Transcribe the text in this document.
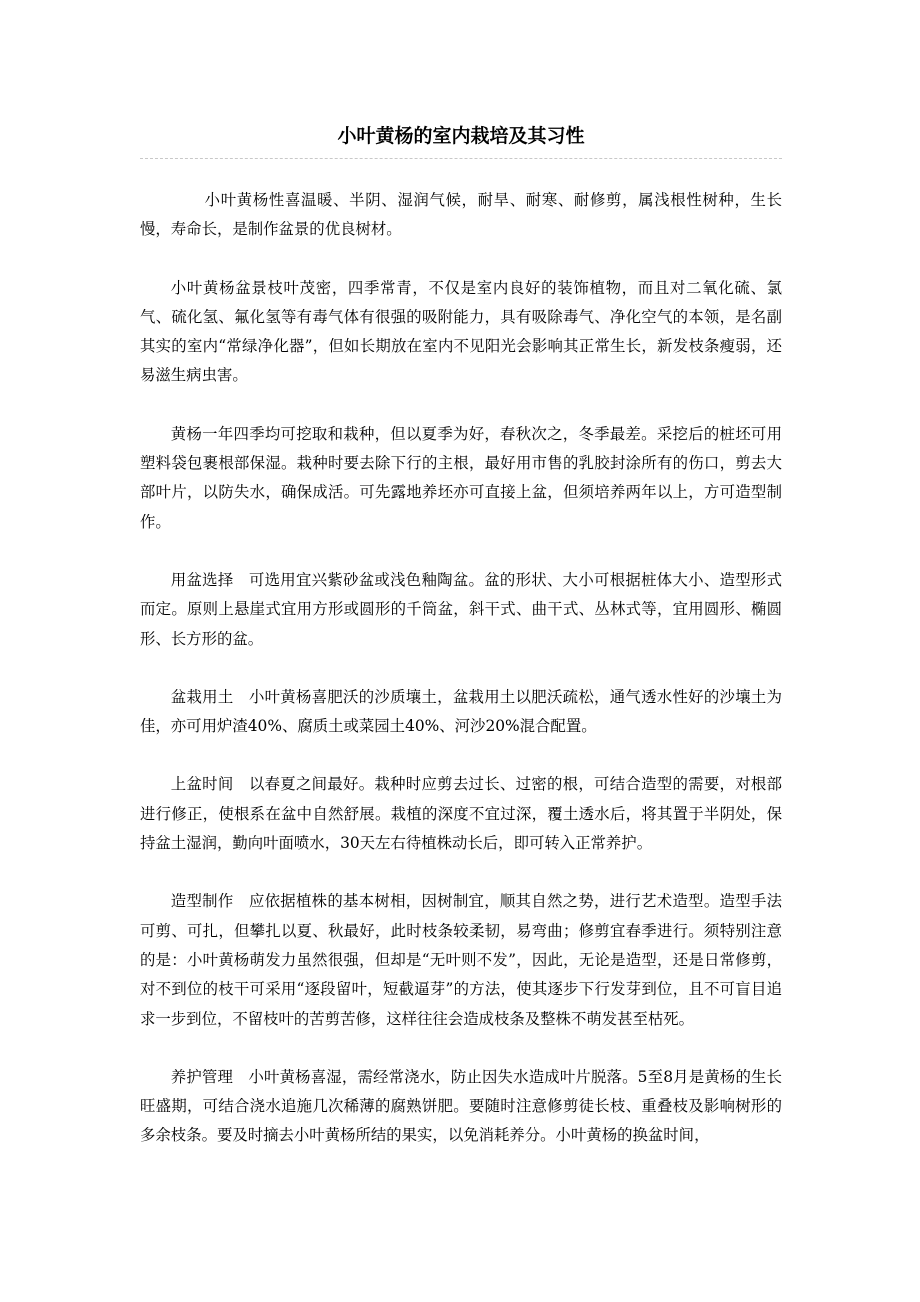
小叶黄杨的室内栽培及其习性

小叶黄杨性喜温暖、半阴、湿润气候，耐旱、耐寒、耐修剪，属浅根性树种，生长慢，寿命长，是制作盆景的优良树材。

小叶黄杨盆景枝叶茂密，四季常青，不仅是室内良好的装饰植物，而且对二氧化硫、氯气、硫化氢、氟化氢等有毒气体有很强的吸附能力，具有吸除毒气、净化空气的本领，是名副其实的室内“常绿净化器”，但如长期放在室内不见阳光会影响其正常生长，新发枝条瘦弱，还易滋生病虫害。

黄杨一年四季均可挖取和栽种，但以夏季为好，春秋次之，冬季最差。采挖后的桩坯可用塑料袋包裹根部保湿。栽种时要去除下行的主根，最好用市售的乳胶封涂所有的伤口，剪去大部叶片，以防失水，确保成活。可先露地养坯亦可直接上盆，但须培养两年以上，方可造型制作。

用盆选择 可选用宜兴紫砂盆或浅色釉陶盆。盆的形状、大小可根据桩体大小、造型形式而定。原则上悬崖式宜用方形或圆形的千筒盆，斜干式、曲干式、丛林式等，宜用圆形、椭圆形、长方形的盆。

盆栽用土 小叶黄杨喜肥沃的沙质壤土，盆栽用土以肥沃疏松，通气透水性好的沙壤土为佳，亦可用炉渣40%、腐质土或菜园土40%、河沙20%混合配置。

上盆时间 以春夏之间最好。栽种时应剪去过长、过密的根，可结合造型的需要，对根部进行修正，使根系在盆中自然舒展。栽植的深度不宜过深，覆土透水后，将其置于半阴处，保持盆土湿润，勤向叶面喷水，30天左右待植株动长后，即可转入正常养护。

造型制作 应依据植株的基本树相，因树制宜，顺其自然之势，进行艺术造型。造型手法可剪、可扎，但攀扎以夏、秋最好，此时枝条较柔韧，易弯曲；修剪宜春季进行。须特别注意的是：小叶黄杨萌发力虽然很强，但却是“无叶则不发”，因此，无论是造型，还是日常修剪，对不到位的枝干可采用“逐段留叶，短截逼芽”的方法，使其逐步下行发芽到位，且不可盲目追求一步到位，不留枝叶的苦剪苦修，这样往往会造成枝条及整株不萌发甚至枯死。

养护管理 小叶黄杨喜湿，需经常浇水，防止因失水造成叶片脱落。5至8月是黄杨的生长旺盛期，可结合浇水追施几次稀薄的腐熟饼肥。要随时注意修剪徒长枝、重叠枝及影响树形的多余枝条。要及时摘去小叶黄杨所结的果实，以免消耗养分。小叶黄杨的换盆时间，
